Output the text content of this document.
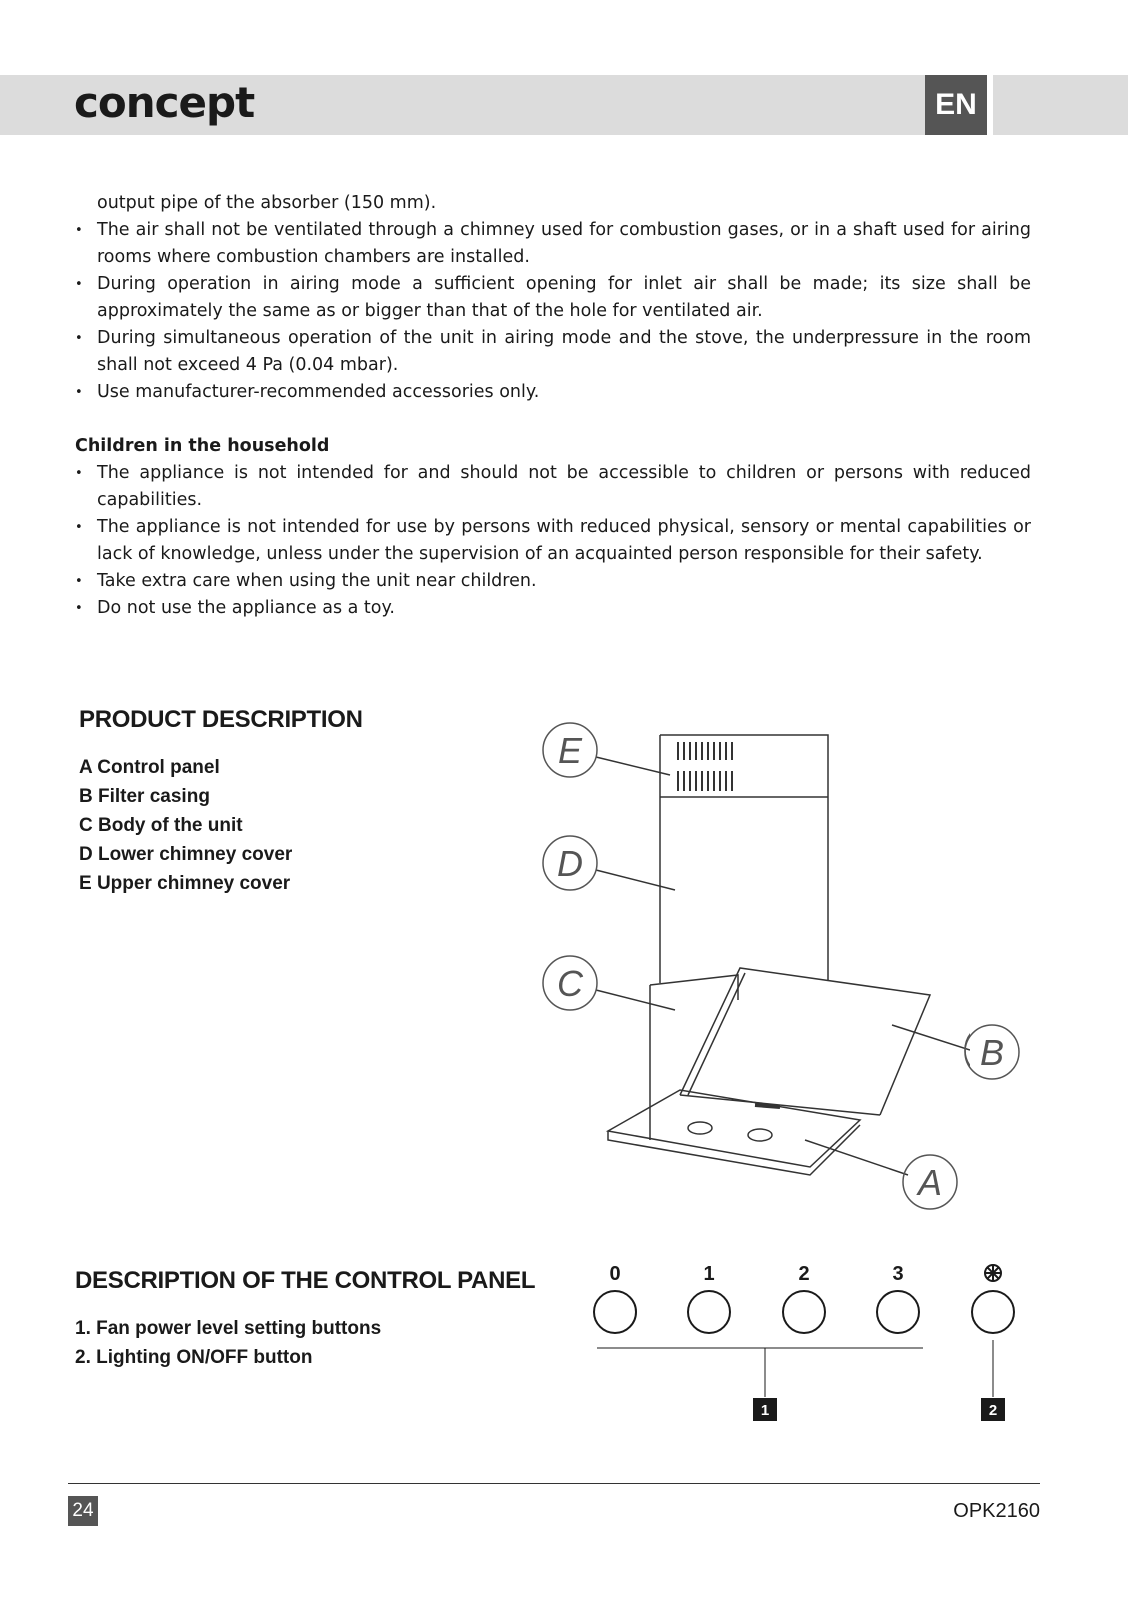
concept	EN
output pipe of the absorber (150 mm).
• The air shall not be ventilated through a chimney used for combustion gases, or in a shaft used for airing rooms where combustion chambers are installed.
• During operation in airing mode a sufficient opening for inlet air shall be made; its size shall be approximately the same as or bigger than that of the hole for ventilated air.
• During simultaneous operation of the unit in airing mode and the stove, the underpressure in the room shall not exceed 4 Pa (0.04 mbar).
• Use manufacturer-recommended accessories only.
Children in the household
• The appliance is not intended for and should not be accessible to children or persons with reduced capabilities.
• The appliance is not intended for use by persons with reduced physical, sensory or mental capabilities or lack of knowledge, unless under the supervision of an acquainted person responsible for their safety.
• Take extra care when using the unit near children.
• Do not use the appliance as a toy.
PRODUCT DESCRIPTION
A Control panel
B Filter casing
C Body of the unit
D Lower chimney cover
E Upper chimney cover
E
D
C
A
B
DESCRIPTION OF THE CONTROL PANEL
1. Fan power level setting buttons
2. Lighting ON/OFF button
0	1	2	3
1	2
24	OPK2160
